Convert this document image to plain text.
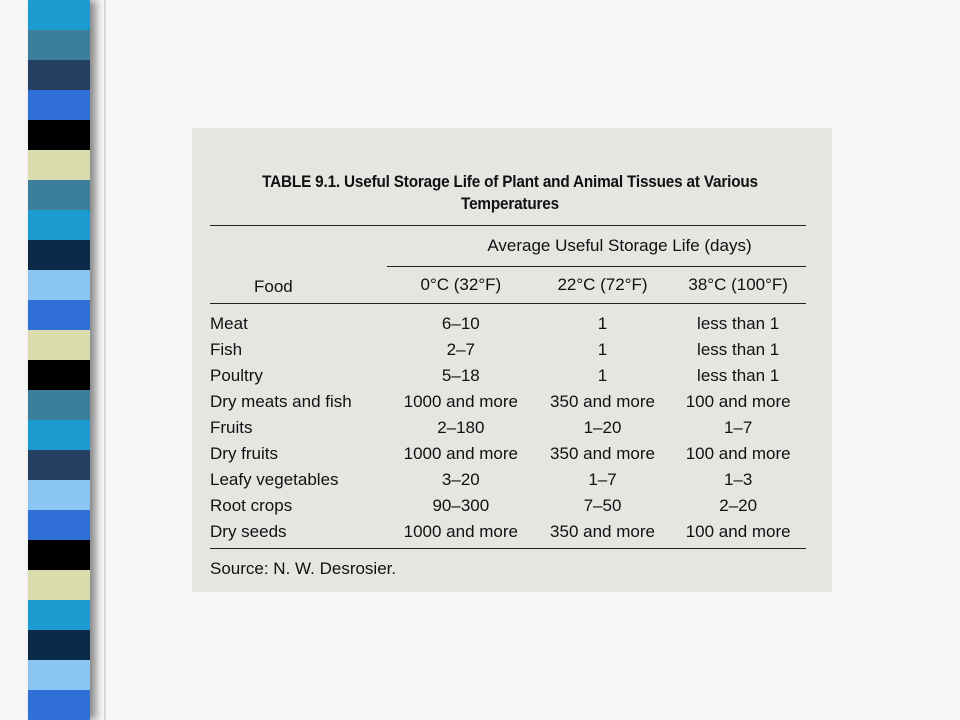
TABLE 9.1. Useful Storage Life of Plant and Animal Tissues at Various
Temperatures
Food	Average Useful Storage Life (days)		
	0°C (32°F)	22°C (72°F)	38°C (100°F)
Meat	6–10	1	less than 1
Fish	2–7	1	less than 1
Poultry	5–18	1	less than 1
Dry meats and fish	1000 and more	350 and more	100 and more
Fruits	2–180	1–20	1–7
Dry fruits	1000 and more	350 and more	100 and more
Leafy vegetables	3–20	1–7	1–3
Root crops	90–300	7–50	2–20
Dry seeds	1000 and more	350 and more	100 and more
Source: N. W. Desrosier.
